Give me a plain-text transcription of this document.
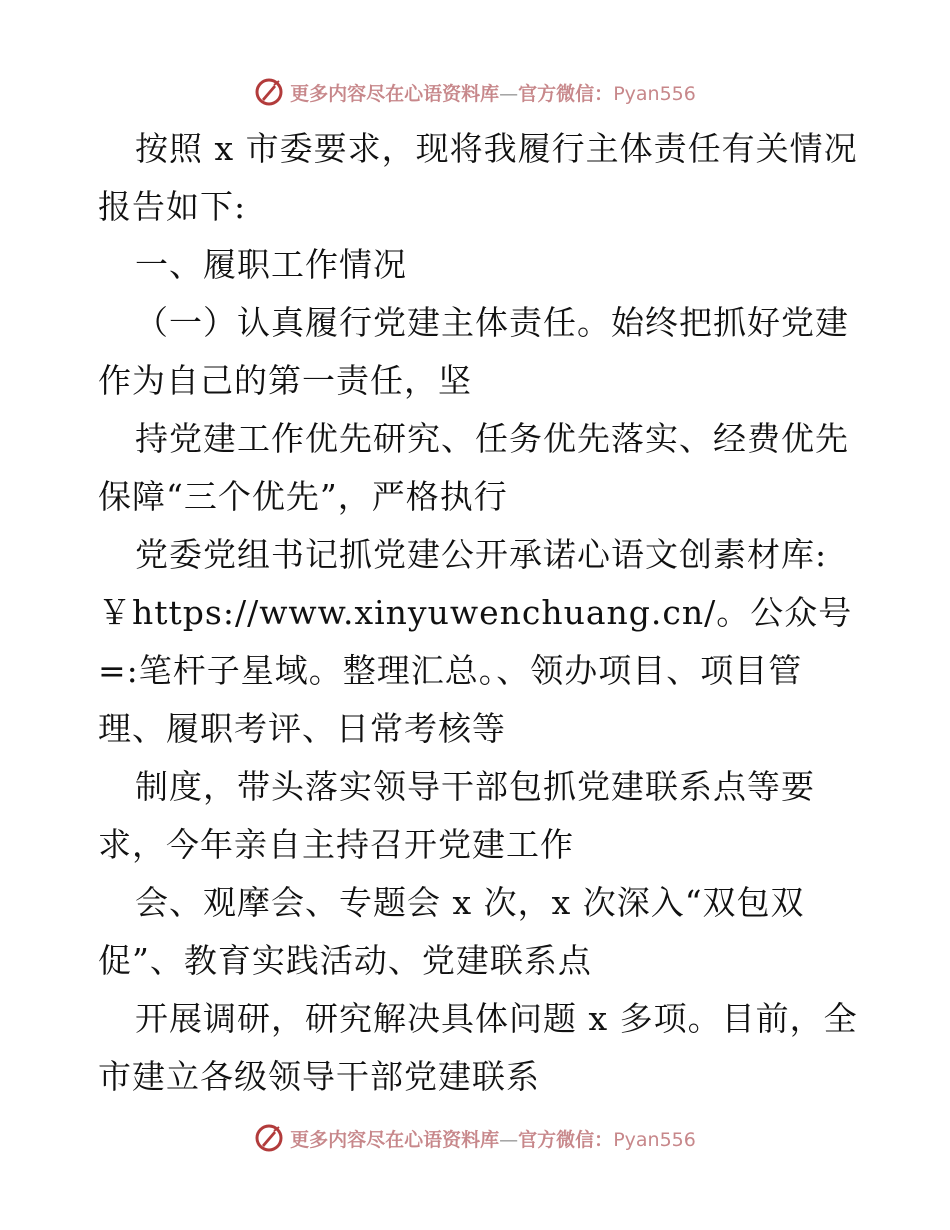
更多内容尽在心语资料库—官方微信：Pyan556

按照 x 市委要求，现将我履行主体责任有关情况报告如下:

一、履职工作情况

（一）认真履行党建主体责任。始终把抓好党建作为自己的第一责任，坚

持党建工作优先研究、任务优先落实、经费优先保障“三个优先”，严格执行

党委党组书记抓党建公开承诺心语文创素材库:￥https://www.xinyuwenchuang.cn/。公众号=:笔杆子星域。整理汇总。、领办项目、项目管理、履职考评、日常考核等

制度，带头落实领导干部包抓党建联系点等要求，今年亲自主持召开党建工作

会、观摩会、专题会 x 次，x 次深入“双包双促”、教育实践活动、党建联系点

开展调研，研究解决具体问题 x 多项。目前，全市建立各级领导干部党建联系

更多内容尽在心语资料库—官方微信：Pyan556
